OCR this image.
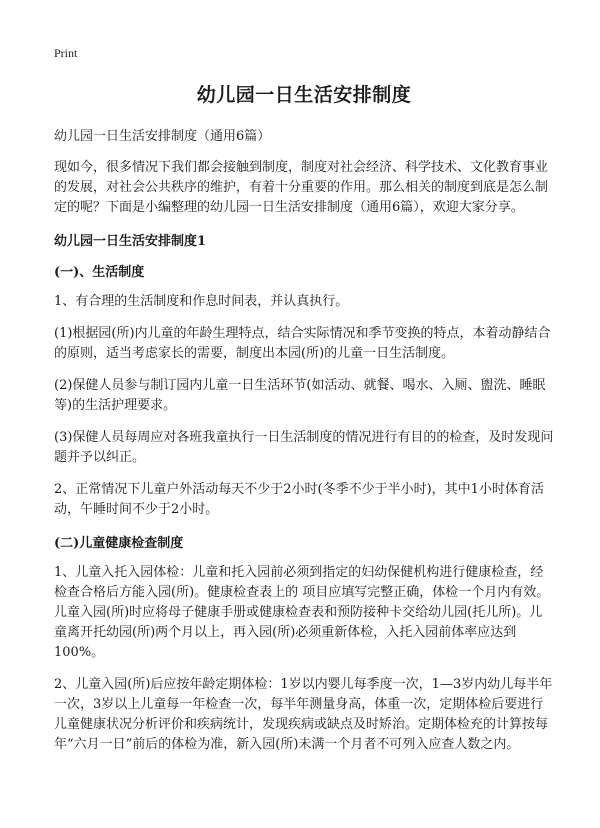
Print
幼儿园一日生活安排制度
幼儿园一日生活安排制度（通用6篇）

现如今，很多情况下我们都会接触到制度，制度对社会经济、科学技术、文化教育事业的发展，对社会公共秩序的维护，有着十分重要的作用。那么相关的制度到底是怎么制定的呢？下面是小编整理的幼儿园一日生活安排制度（通用6篇），欢迎大家分享。

幼儿园一日生活安排制度1
(一)、生活制度

1、有合理的生活制度和作息时间表，并认真执行。

(1)根据园(所)内儿童的年龄生理特点，结合实际情况和季节变换的特点，本着动静结合的原则，适当考虑家长的需要，制度出本园(所)的儿童一日生活制度。

(2)保健人员参与制订园内儿童一日生活环节(如活动、就餐、喝水、入厕、盥洗、睡眠等)的生活护理要求。

(3)保健人员每周应对各班我童执行一日生活制度的情况进行有目的的检查，及时发现问题并予以纠正。

2、正常情况下儿童户外活动每天不少于2小时(冬季不少于半小时)，其中1小时体育活动，午睡时间不少于2小时。

(二)儿童健康检查制度

1、儿童入托入园体检：儿童和托入园前必须到指定的妇幼保健机构进行健康检查，经检查合格后方能入园(所)。健康检查表上的 项目应填写完整正确，体检一个月内有效。儿童入园(所)时应将母子健康手册或健康检查表和预防接种卡交给幼儿园(托儿所)。儿童离开托幼园(所)两个月以上，再入园(所)必须重新体检，入托入园前体率应达到100%。

2、儿童入园(所)后应按年龄定期体检：1岁以内婴儿每季度一次，1—3岁内幼儿每半年一次，3岁以上儿童每一年检查一次，每半年测量身高，体重一次，定期体检后要进行儿童健康状况分析评价和疾病统计，发现疾病或缺点及时矫治。定期体检充的计算按每年“六月一日”前后的体检为准，新入园(所)未满一个月者不可列入应查人数之内。
